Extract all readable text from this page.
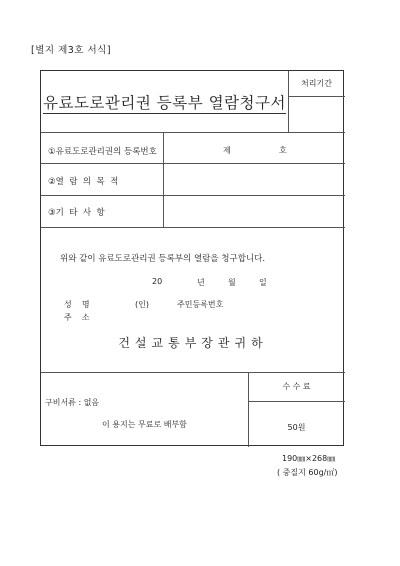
[별지 제3호 서식]
유료도로관리권 등록부 열람청구서
처리기간
①유료도로관리권의 등록번호	제	호
②열  람  의  목  적
③기  타  사  항
위와 같이 유료도로관리권 등록부의 열람을 청구합니다.
20	년	월	일
성    명	(인)	주민등록번호
주    소
건설교통부장관귀하
구비서류 : 없음
이 용지는 무료로 배부함
수 수 료
50원
190㎜×268㎜
( 중질지 60g/㎡)
